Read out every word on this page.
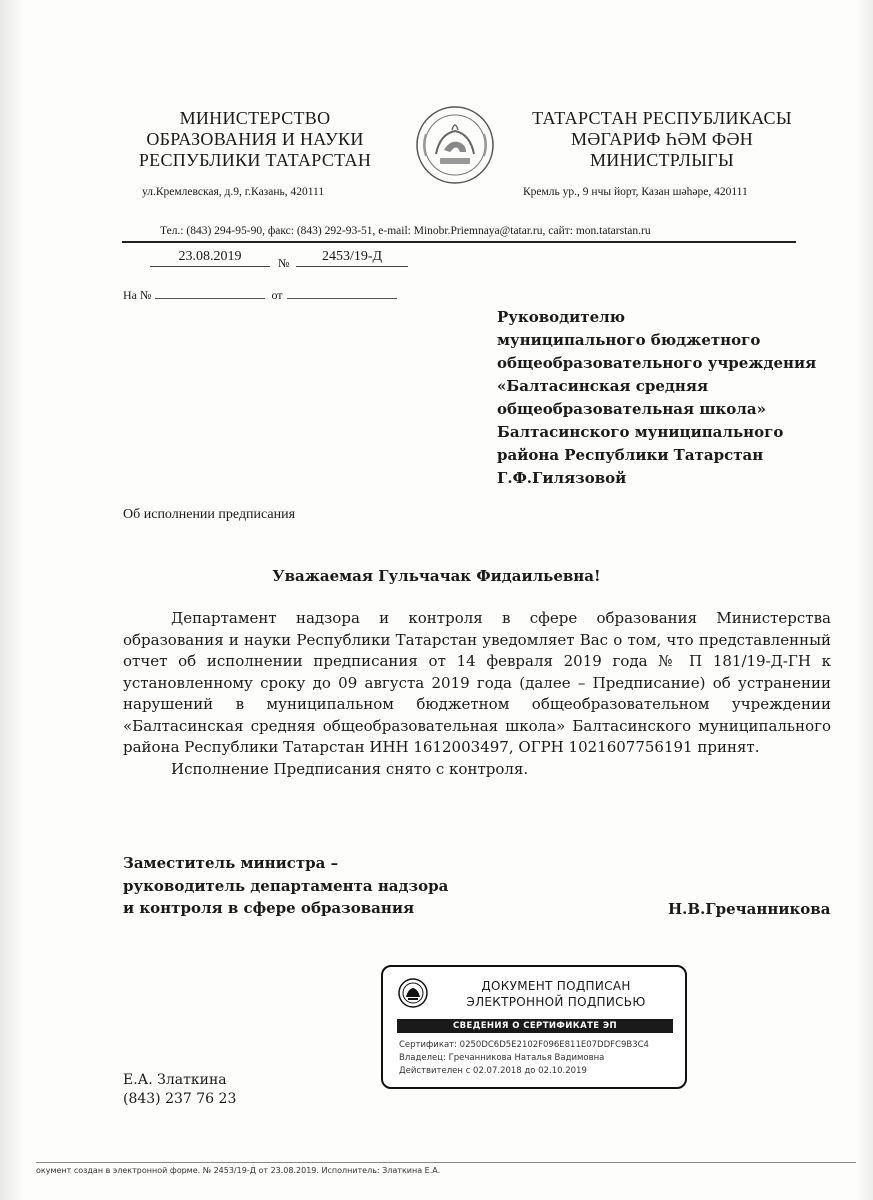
МИНИСТЕРСТВО
ОБРАЗОВАНИЯ И НАУКИ
РЕСПУБЛИКИ ТАТАРСТАН
ул.Кремлевская, д.9, г.Казань, 420111
ТАТАРСТАН РЕСПУБЛИКАСЫ
МӘГАРИФ ҺӘМ ФӘН
МИНИСТРЛЫГЫ
Кремль ур., 9 нчы йорт, Казан шәһәре, 420111
Тел.: (843) 294-95-90, факс: (843) 292-93-51, e-mail: Minobr.Priemnaya@tatar.ru, сайт: mon.tatarstan.ru
23.08.2019	№	2453/19-Д
На №	от
Руководителю
муниципального бюджетного
общеобразовательного учреждения
«Балтасинская средняя
общеобразовательная школа»
Балтасинского муниципального
района Республики Татарстан
Г.Ф.Гилязовой
Об исполнении предписания
Уважаемая Гульчачак Фидаильевна!

Департамент надзора и контроля в сфере образования Министерства образования и науки Республики Татарстан уведомляет Вас о том, что представленный отчет об исполнении предписания от 14 февраля 2019 года № П 181/19-Д-ГН к установленному сроку до 09 августа 2019 года (далее – Предписание) об устранении нарушений в муниципальном бюджетном общеобразовательном учреждении «Балтасинская средняя общеобразовательная школа» Балтасинского муниципального района Республики Татарстан ИНН 1612003497, ОГРН 1021607756191 принят.

Исполнение Предписания снято с контроля.

Заместитель министра –
руководитель департамента надзора
и контроля в сфере образования	Н.В.Гречанникова
ДОКУМЕНТ ПОДПИСАН
ЭЛЕКТРОННОЙ ПОДПИСЬЮ
СВЕДЕНИЯ О СЕРТИФИКАТЕ ЭП
Сертификат: 0250DC6D5E2102F096E811E07DDFC9B3C4
Владелец: Гречанникова Наталья Вадимовна
Действителен с 02.07.2018 до 02.10.2019
Е.А. Златкина
(843) 237 76 23
окумент создан в электронной форме. № 2453/19-Д от 23.08.2019. Исполнитель: Златкина Е.А.
